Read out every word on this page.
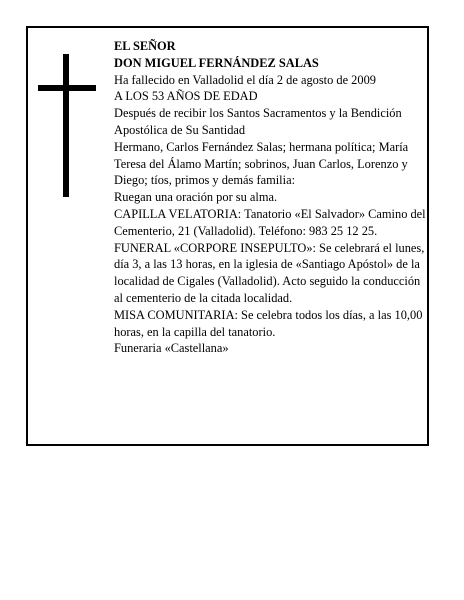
EL SEÑOR

DON MIGUEL FERNÁNDEZ SALAS

Ha fallecido en Valladolid el día 2 de agosto de 2009

A LOS 53 AÑOS DE EDAD

Después de recibir los Santos Sacramentos y la Bendición Apostólica de Su Santidad

Hermano, Carlos Fernández Salas; hermana política; María Teresa del Álamo Martín; sobrinos, Juan Carlos, Lorenzo y Diego; tíos, primos y demás familia:

Ruegan una oración por su alma.

CAPILLA VELATORIA: Tanatorio «El Salvador» Camino del Cementerio, 21 (Valladolid). Teléfono: 983 25 12 25.

FUNERAL «CORPORE INSEPULTO»: Se celebrará el lunes, día 3, a las 13 horas, en la iglesia de «Santiago Apóstol» de la localidad de Cigales (Valladolid). Acto seguido la conducción al cementerio de la citada localidad.

MISA COMUNITARIA: Se celebra todos los días, a las 10,00 horas, en la capilla del tanatorio.

Funeraria «Castellana»
